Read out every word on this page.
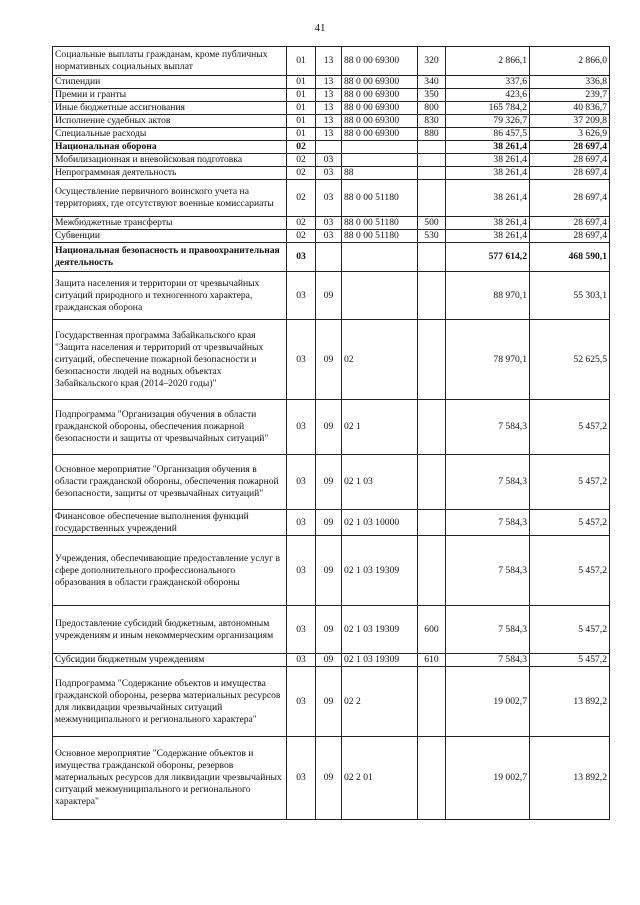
41
Социальные выплаты гражданам, кроме публичных нормативных социальных выплат	01	13	88 0 00 69300	320	2 866,1	2 866,0
Стипендии	01	13	88 0 00 69300	340	337,6	336,8
Премии и гранты	01	13	88 0 00 69300	350	423,6	239,7
Иные бюджетные ассигнования	01	13	88 0 00 69300	800	165 784,2	40 836,7
Исполнение судебных актов	01	13	88 0 00 69300	830	79 326,7	37 209,8
Специальные расходы	01	13	88 0 00 69300	880	86 457,5	3 626,9
Национальная оборона	02				38 261,4	28 697,4
Мобилизационная и вневойсковая подготовка	02	03			38 261,4	28 697,4
Непрограммная деятельность	02	03	88		38 261,4	28 697,4
Осуществление первичного воинского учета на территориях, где отсутствуют военные комиссариаты	02	03	88 0 00 51180		38 261,4	28 697,4
Межбюджетные трансферты	02	03	88 0 00 51180	500	38 261,4	28 697,4
Субвенции	02	03	88 0 00 51180	530	38 261,4	28 697,4
Национальная безопасность и правоохранительная деятельность	03				577 614,2	468 590,1
Защита населения и территории от чрезвычайных ситуаций природного и техногенного характера, гражданская оборона	03	09			88 970,1	55 303,1
Государственная программа Забайкальского края "Защита населения и территорий от чрезвычайных ситуаций, обеспечение пожарной безопасности и безопасности людей на водных объектах Забайкальского края (2014–2020 годы)"	03	09	02		78 970,1	52 625,5
Подпрограмма "Организация обучения в области гражданской обороны, обеспечения пожарной безопасности и защиты от чрезвычайных ситуаций"	03	09	02 1		7 584,3	5 457,2
Основное мероприятие "Организация обучения в области гражданской обороны, обеспечения пожарной безопасности, защиты от чрезвычайных ситуаций"	03	09	02 1 03		7 584,3	5 457,2
Финансовое обеспечение выполнения функций государственных учреждений	03	09	02 1 03 10000		7 584,3	5 457,2
Учреждения, обеспечивающие предоставление услуг в сфере дополнительного профессионального образования в области гражданской обороны	03	09	02 1 03 19309		7 584,3	5 457,2
Предоставление субсидий бюджетным, автономным учреждениям и иным некоммерческим организациям	03	09	02 1 03 19309	600	7 584,3	5 457,2
Субсидии бюджетным учреждениям	03	09	02 1 03 19309	610	7 584,3	5 457,2
Подпрограмма "Содержание объектов и имущества гражданской обороны, резерва материальных ресурсов для ликвидации чрезвычайных ситуаций межмуниципального и регионального характера"	03	09	02 2		19 002,7	13 892,2
Основное мероприятие "Содержание объектов и имущества гражданской обороны, резервов материальных ресурсов для ликвидации чрезвычайных ситуаций межмуниципального и регионального характера"	03	09	02 2 01		19 002,7	13 892,2
